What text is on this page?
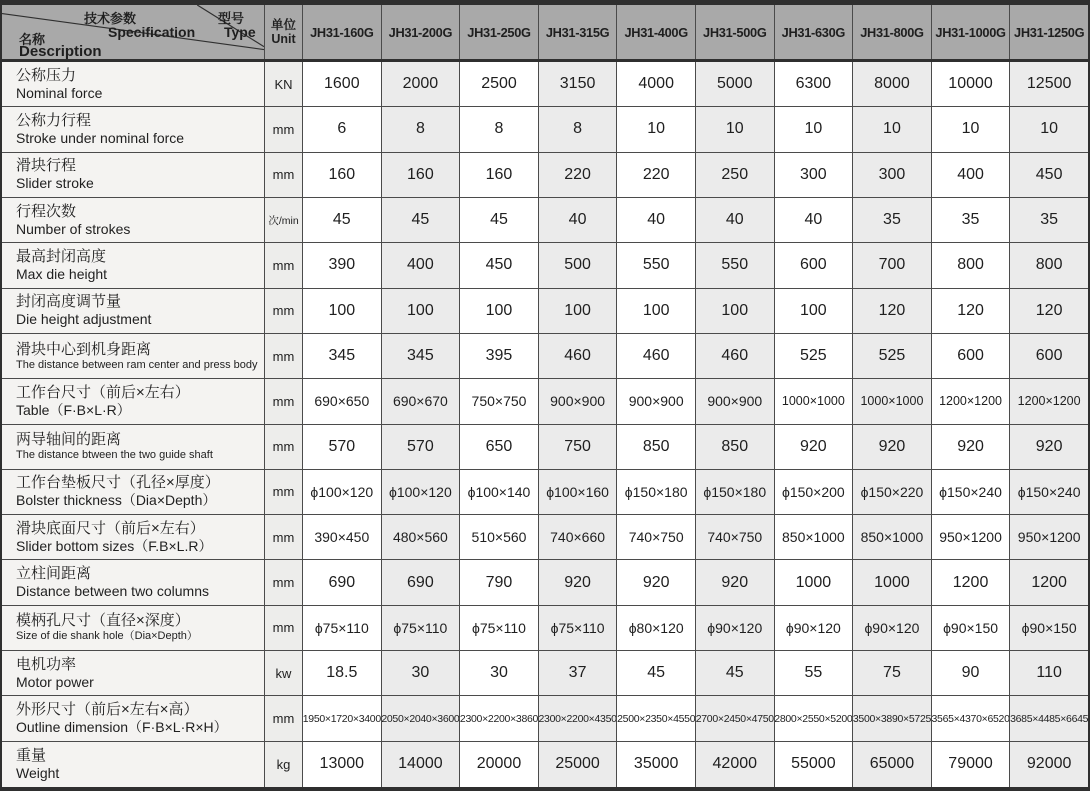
技术参数
Specification
型号
Type
名称
Description
单位
Unit	JH31-160G	JH31-200G	JH31-250G	JH31-315G	JH31-400G	JH31-500G	JH31-630G	JH31-800G JH31-1000G JH31-1250G
公称压力
Nominal force
KN	1600	2000	2500	3150	4000	5000	6300	8000	10000	12500
公称力行程
Stroke under nominal force
mm	6	8	8	8	10	10	10	10	10	10
滑块行程
Slider stroke
mm	160	160	160	220	220	250	300	300	400	450
行程次数
Number of strokes	次/min	45	45	45	40	40	40	40	35	35	35
最高封闭高度
Max die height
mm	390	400	450	500	550	550	600	700	800	800
封闭高度调节量
Die height adjustment
mm	100	100	100	100	100	100	100	120	120	120
滑块中心到机身距离
The distance between ram center and press body
mm	345	345	395	460	460	460	525	525	600	600
工作台尺寸（前后×左右）
Table（F·B×L·R）
mm	690×650	690×670	750×750	900×900	900×900	900×900	1000×1000	1000×1000	1200×1200	1200×1200
两导轴间的距离
The distance btween the two guide shaft
mm	570	570	650	750	850	850	920	920	920	920
工作台垫板尺寸（孔径×厚度）
Bolster thickness（Dia×Depth）
mm	ϕ100×120	ϕ100×120	ϕ100×140	ϕ100×160	ϕ150×180	ϕ150×180	ϕ150×200	ϕ150×220	ϕ150×240	ϕ150×240
滑块底面尺寸（前后×左右）
Slider bottom sizes（F.B×L.R）
mm	390×450	480×560	510×560	740×660	740×750	740×750	850×1000	850×1000	950×1200	950×1200
立柱间距离
Distance between two columns
mm	690	690	790	920	920	920	1000	1000	1200	1200
模柄孔尺寸（直径×深度）
Size of die shank hole（Dia×Depth）
mm	ϕ75×110	ϕ75×110	ϕ75×110	ϕ75×110	ϕ80×120	ϕ90×120	ϕ90×120	ϕ90×120	ϕ90×150	ϕ90×150
电机功率
Motor power
kw	18.5	30	30	37	45	45	55	75	90	110
外形尺寸（前后×左右×高）
Outline dimension（F·B×L·R×H）
mm 1950×1720×3400 2050×2040×3600 2300×2200×3860 2300×2200×4350 2500×2350×4550 2700×2450×4750 2800×2550×5200 3500×3890×5725 3565×4370×6520 3685×4485×6645
重量
Weight
kg	13000	14000	20000	25000	35000	42000	55000	65000	79000	92000
